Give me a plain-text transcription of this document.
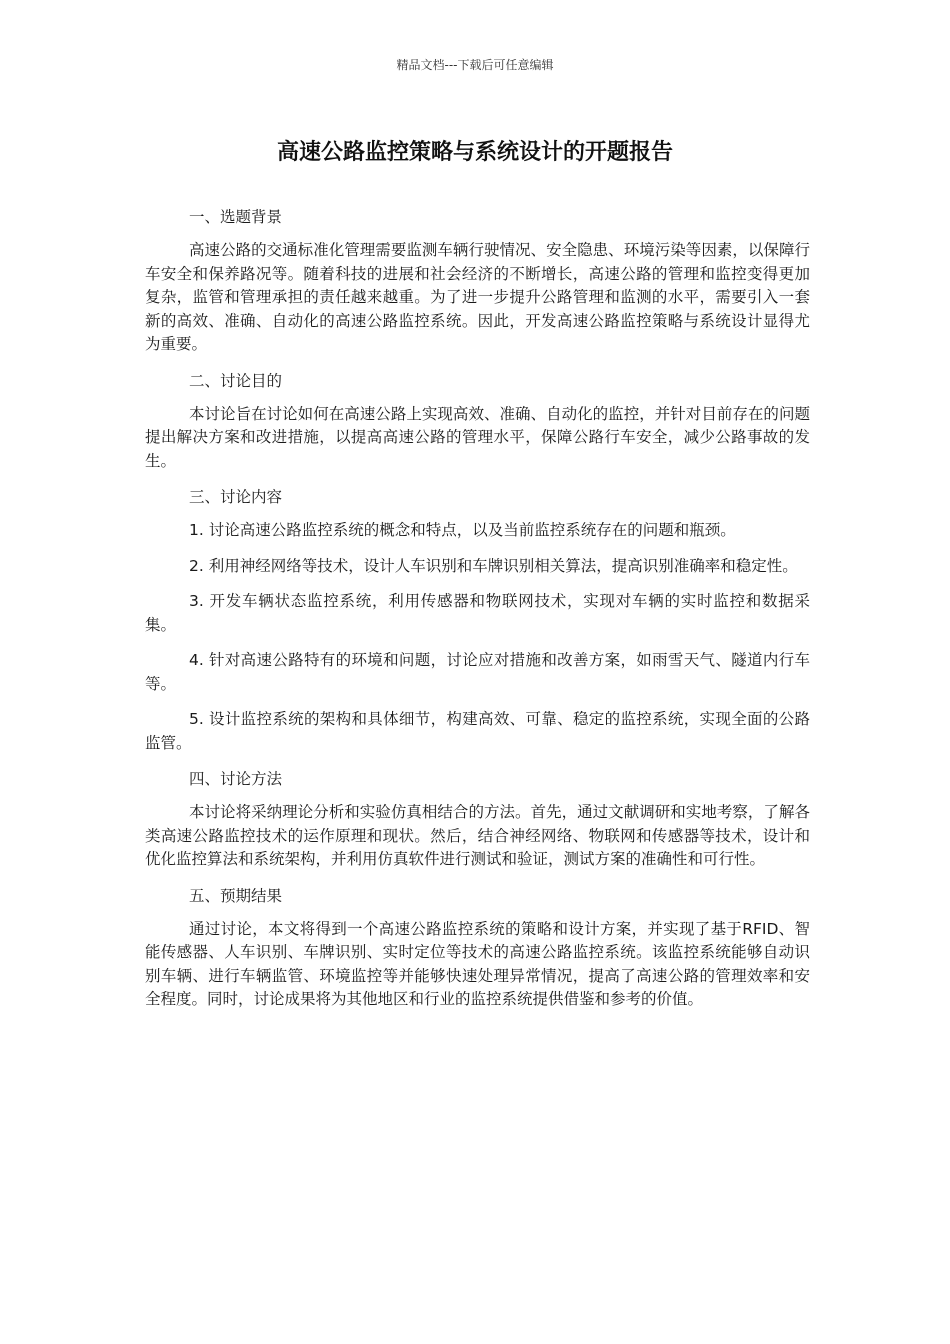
精品文档---下载后可任意编辑
高速公路监控策略与系统设计的开题报告

一、选题背景

高速公路的交通标准化管理需要监测车辆行驶情况、安全隐患、环境污染等因素，以保障行车安全和保养路况等。随着科技的进展和社会经济的不断增长，高速公路的管理和监控变得更加复杂，监管和管理承担的责任越来越重。为了进一步提升公路管理和监测的水平，需要引入一套新的高效、准确、自动化的高速公路监控系统。因此，开发高速公路监控策略与系统设计显得尤为重要。

二、讨论目的

本讨论旨在讨论如何在高速公路上实现高效、准确、自动化的监控，并针对目前存在的问题提出解决方案和改进措施，以提高高速公路的管理水平，保障公路行车安全，减少公路事故的发生。

三、讨论内容

1. 讨论高速公路监控系统的概念和特点，以及当前监控系统存在的问题和瓶颈。

2. 利用神经网络等技术，设计人车识别和车牌识别相关算法，提高识别准确率和稳定性。

3. 开发车辆状态监控系统，利用传感器和物联网技术，实现对车辆的实时监控和数据采集。

4. 针对高速公路特有的环境和问题，讨论应对措施和改善方案，如雨雪天气、隧道内行车等。

5. 设计监控系统的架构和具体细节，构建高效、可靠、稳定的监控系统，实现全面的公路监管。

四、讨论方法

本讨论将采纳理论分析和实验仿真相结合的方法。首先，通过文献调研和实地考察，了解各类高速公路监控技术的运作原理和现状。然后，结合神经网络、物联网和传感器等技术，设计和优化监控算法和系统架构，并利用仿真软件进行测试和验证，测试方案的准确性和可行性。

五、预期结果

通过讨论，本文将得到一个高速公路监控系统的策略和设计方案，并实现了基于RFID、智能传感器、人车识别、车牌识别、实时定位等技术的高速公路监控系统。该监控系统能够自动识别车辆、进行车辆监管、环境监控等并能够快速处理异常情况，提高了高速公路的管理效率和安全程度。同时，讨论成果将为其他地区和行业的监控系统提供借鉴和参考的价值。
